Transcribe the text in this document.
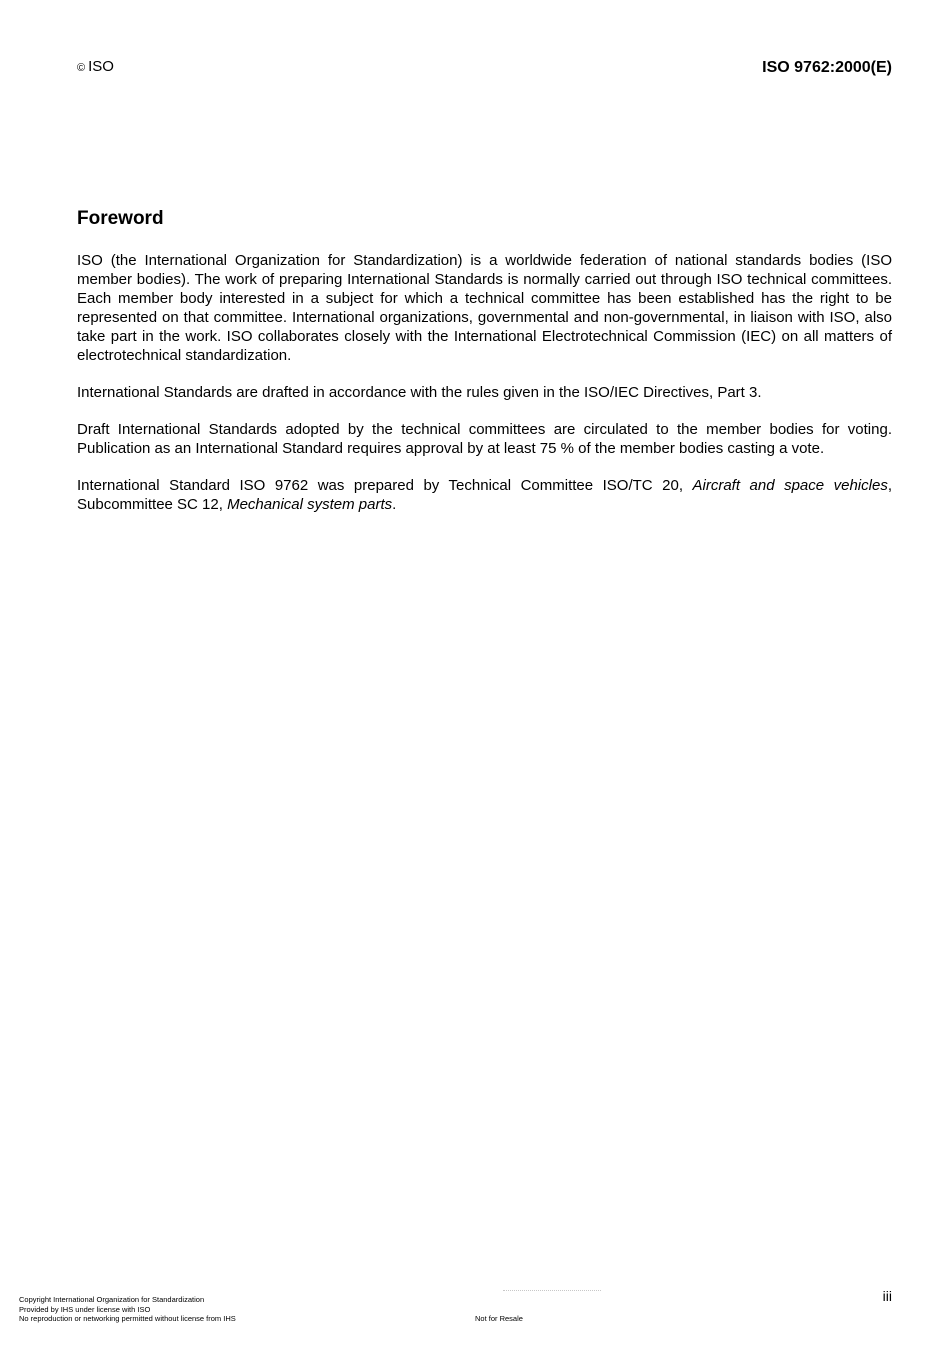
© ISO	ISO 9762:2000(E)
Foreword

ISO (the International Organization for Standardization) is a worldwide federation of national standards bodies (ISO member bodies). The work of preparing International Standards is normally carried out through ISO technical committees. Each member body interested in a subject for which a technical committee has been established has the right to be represented on that committee. International organizations, governmental and non-governmental, in liaison with ISO, also take part in the work. ISO collaborates closely with the International Electrotechnical Commission (IEC) on all matters of electrotechnical standardization.

International Standards are drafted in accordance with the rules given in the ISO/IEC Directives, Part 3.

Draft International Standards adopted by the technical committees are circulated to the member bodies for voting. Publication as an International Standard requires approval by at least 75 % of the member bodies casting a vote.

International Standard ISO 9762 was prepared by Technical Committee ISO/TC 20, Aircraft and space vehicles, Subcommittee SC 12, Mechanical system parts.

iii
Copyright International Organization for Standardization
Provided by IHS under license with ISO
No reproduction or networking permitted without license from IHS	Not for Resale
